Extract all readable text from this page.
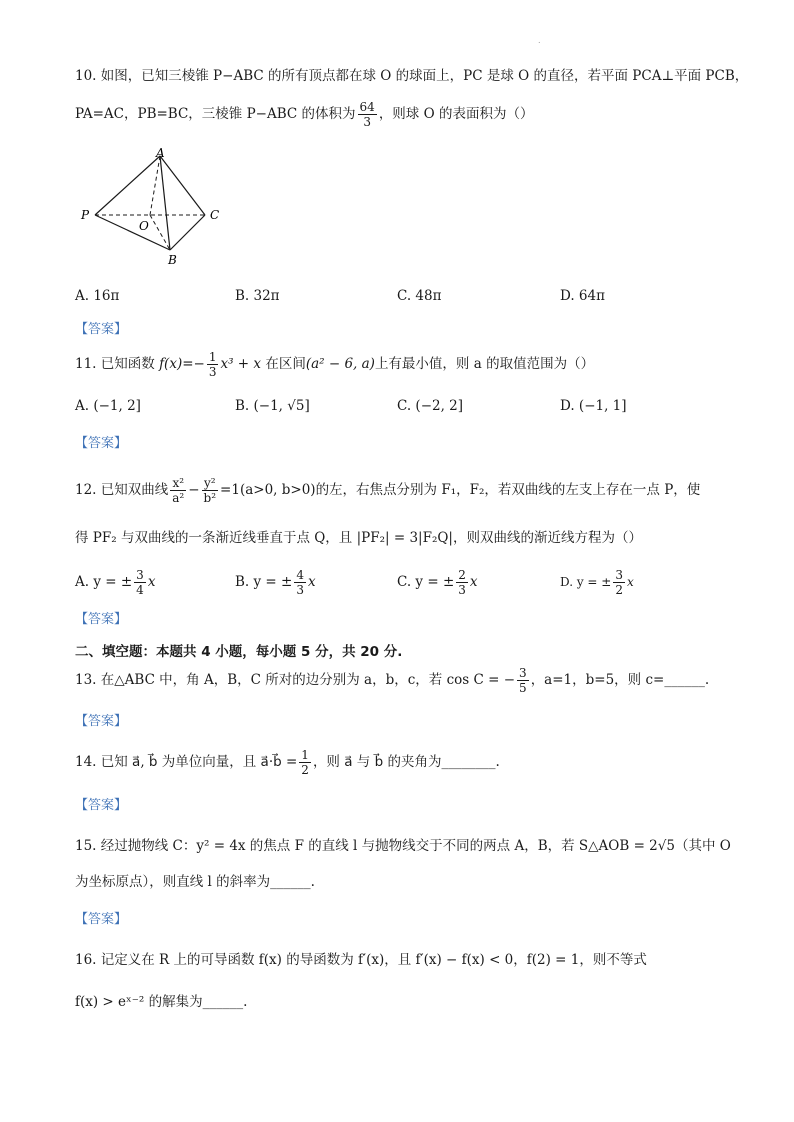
.
10. 如图，已知三棱锥 P−ABC 的所有顶点都在球 O 的球面上，PC 是球 O 的直径，若平面 PCA⊥平面 PCB，
PA=AC，PB=BC，三棱锥 P−ABC 的体积为 $\frac{64}{3}$ ，则球 O 的表面积为（）
A
P
O
C
B
A. 16π	B. 32π	C. 48π	D. 64π
【答案】
11. 已知函数 $f(x)=- \frac{1}{3} x^3 + x$ 在区间(a² − 6, a)上有最小值，则 a 的取值范围为（）
A. (−1, 2]	B. (−1, √5]	C. (−2, 2]	D. (−1, 1]
【答案】
12. 已知双曲线 $\frac{\text{x²}}{\text{a²}} - \frac{\text{y²}}{\text{b²}} =1(a>0$, b>0)的左，右焦点分别为 F₁，F₂，若双曲线的左支上存在一点 P，使
得 PF₂ 与双曲线的一条渐近线垂直于点 Q，且 |PF₂| = 3|F₂Q|，则双曲线的渐近线方程为（）
A. y = ± $\frac{3}{4}$ x	B. y = ± $\frac{4}{3}$ x	C. y = ± $\frac{2}{3}$ x	D. y = ± $\frac{3}{2}$ x
【答案】
二、填空题：本题共 4 小题，每小题 5 分，共 20 分.
13. 在△ABC 中，角 A，B，C 所对的边分别为 a，b，c，若 cos C = − $\frac{3}{5}$ ，a=1，b=5，则 c=______.
【答案】
14. 已知 a⃗, b⃗ 为单位向量，且 a⃗·b⃗ = $\frac{1}{2}$ ，则 a⃗ 与 b⃗ 的夹角为________.
【答案】
15. 经过抛物线 C：y² = 4x 的焦点 F 的直线 l 与抛物线交于不同的两点 A，B，若 S△AOB = 2√5（其中 O
为坐标原点），则直线 l 的斜率为______.
【答案】
16. 记定义在 R 上的可导函数 f(x) 的导函数为 f′(x)，且 f′(x) − f(x) < 0，f(2) = 1，则不等式
f(x) > eˣ⁻² 的解集为______.
